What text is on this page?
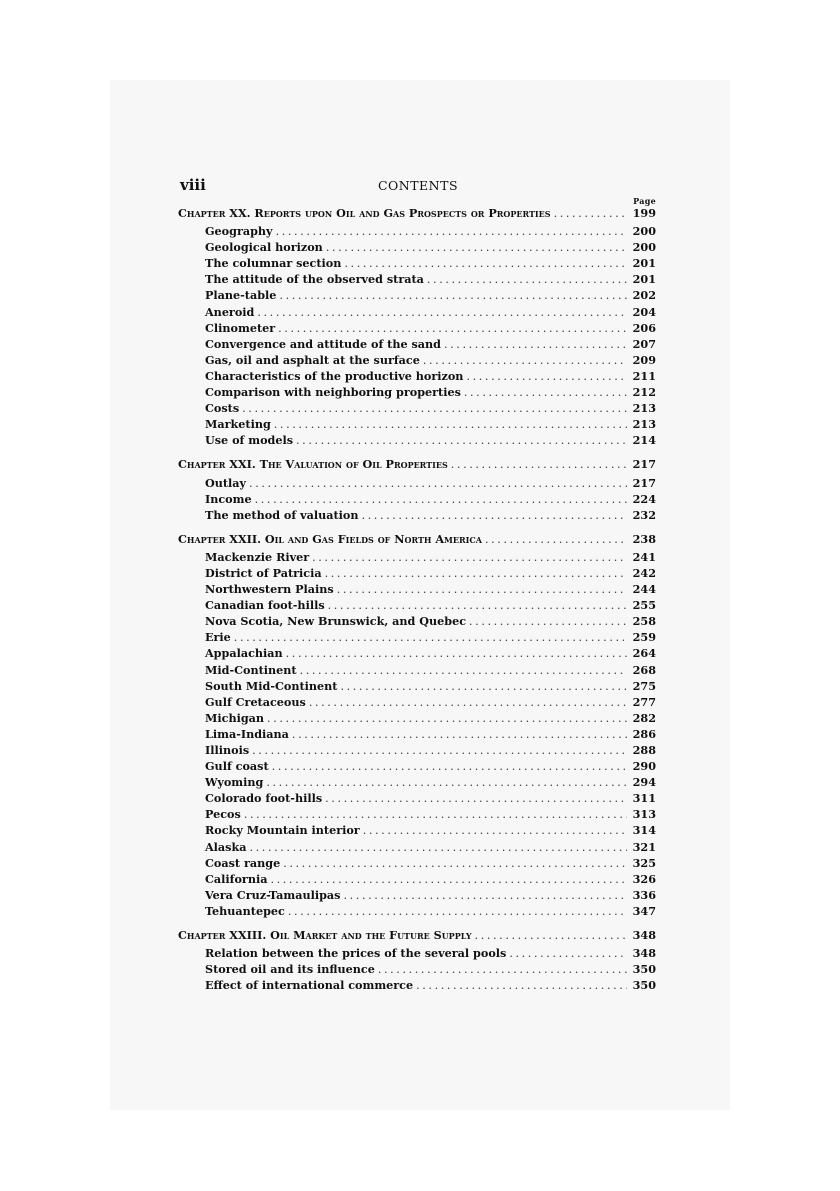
viii	CONTENTS
Page
Chapter XX. Reports upon Oil and Gas Prospects or Properties .....	199
Geography .....	200
Geological horizon .....	200
The columnar section .....	201
The attitude of the observed strata .....	201
Plane-table .....	202
Aneroid .....	204
Clinometer .....	206
Convergence and attitude of the sand .....	207
Gas, oil and asphalt at the surface .....	209
Characteristics of the productive horizon .....	211
Comparison with neighboring properties .....	212
Costs .....	213
Marketing .....	213
Use of models .....	214
Chapter XXI. The Valuation of Oil Properties .....	217
Outlay .....	217
Income .....	224
The method of valuation .....	232
Chapter XXII. Oil and Gas Fields of North America .....	238
Mackenzie River .....	241
District of Patricia .....	242
Northwestern Plains .....	244
Canadian foot-hills .....	255
Nova Scotia, New Brunswick, and Quebec .....	258
Erie .....	259
Appalachian .....	264
Mid-Continent .....	268
South Mid-Continent .....	275
Gulf Cretaceous .....	277
Michigan .....	282
Lima-Indiana .....	286
Illinois .....	288
Gulf coast .....	290
Wyoming .....	294
Colorado foot-hills .....	311
Pecos .....	313
Rocky Mountain interior .....	314
Alaska .....	321
Coast range .....	325
California .....	326
Vera Cruz-Tamaulipas .....	336
Tehuantepec .....	347
Chapter XXIII. Oil Market and the Future Supply .....	348
Relation between the prices of the several pools .....	348
Stored oil and its influence .....	350
Effect of international commerce .....	350
